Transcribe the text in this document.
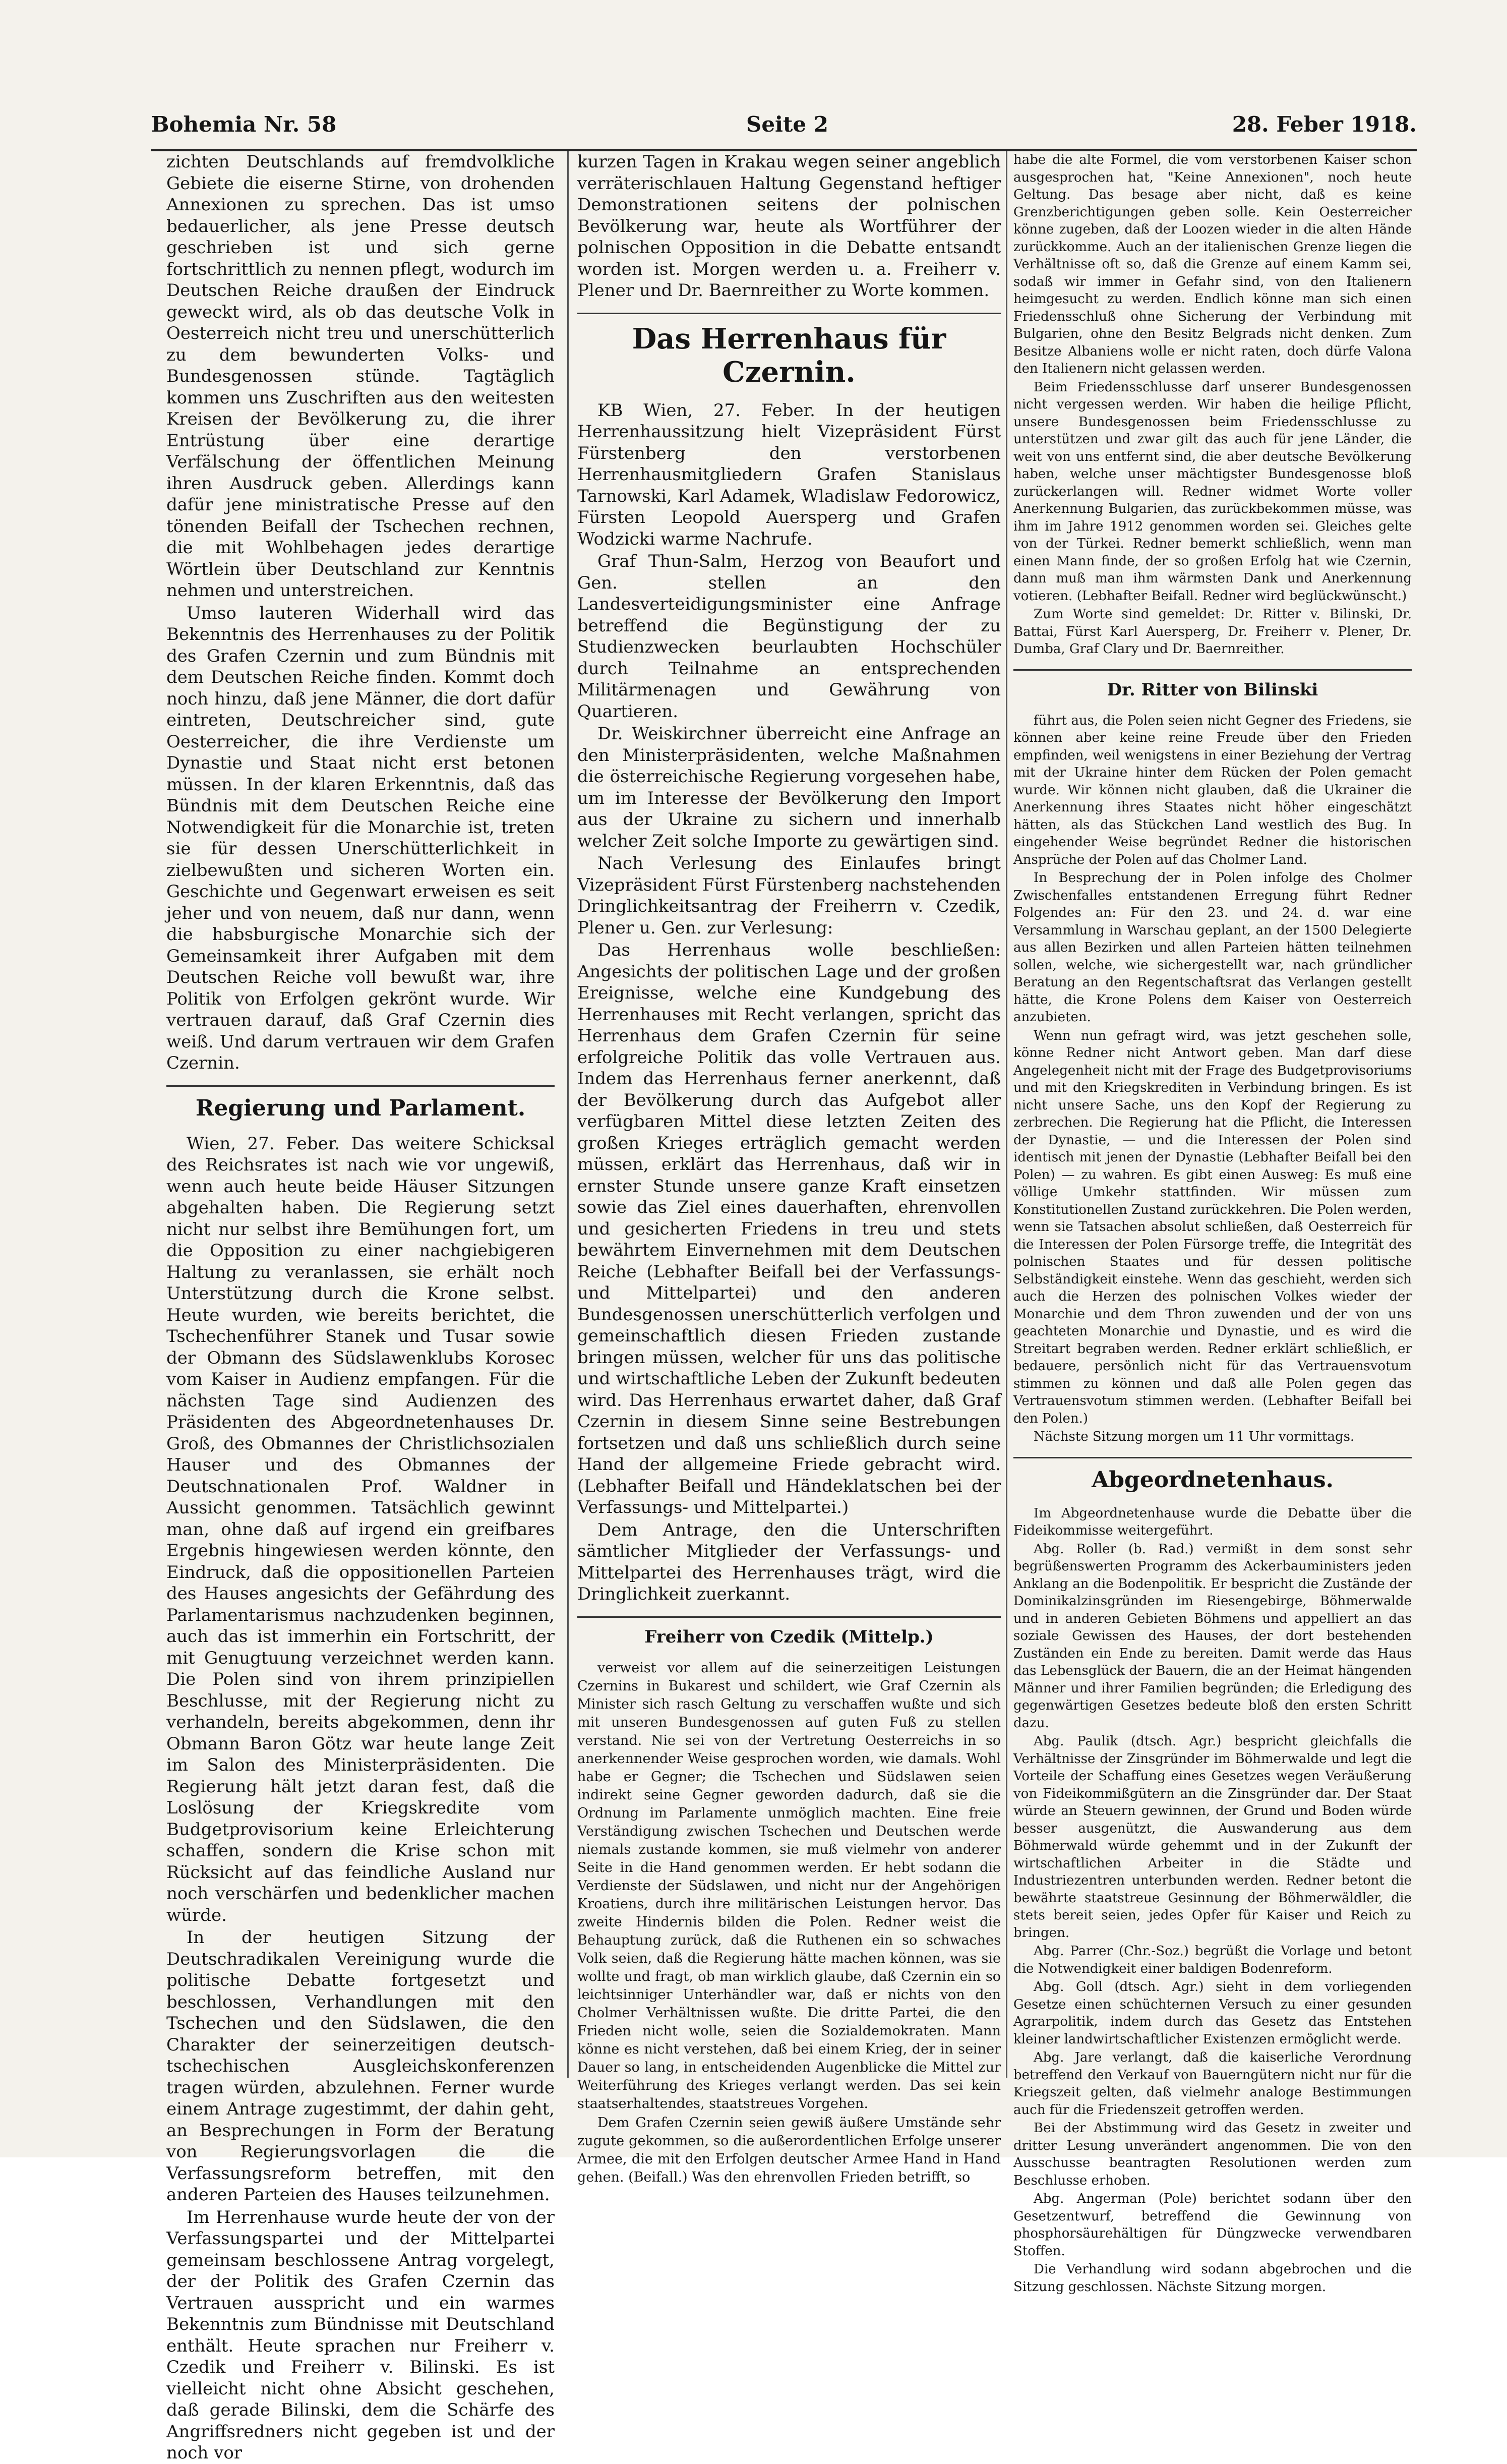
Bohemia Nr. 58	Seite 2	28. Feber 1918.

zichten Deutschlands auf fremdvolkliche Gebiete die eiserne Stirne, von drohenden Annexionen zu sprechen. Das ist umso bedauerlicher, als jene Presse deutsch geschrieben ist und sich gerne fortschrittlich zu nennen pflegt, wodurch im Deutschen Reiche draußen der Eindruck geweckt wird, als ob das deutsche Volk in Oesterreich nicht treu und unerschütterlich zu dem bewunderten Volks- und Bundesgenossen stünde. Tagtäglich kommen uns Zuschriften aus den weitesten Kreisen der Bevölkerung zu, die ihrer Entrüstung über eine derartige Verfälschung der öffentlichen Meinung ihren Ausdruck geben. Allerdings kann dafür jene ministratische Presse auf den tönenden Beifall der Tschechen rechnen, die mit Wohlbehagen jedes derartige Wörtlein über Deutschland zur Kenntnis nehmen und unterstreichen.

Umso lauteren Widerhall wird das Bekenntnis des Herrenhauses zu der Politik des Grafen Czernin und zum Bündnis mit dem Deutschen Reiche finden. Kommt doch noch hinzu, daß jene Männer, die dort dafür eintreten, Deutschreicher sind, gute Oesterreicher, die ihre Verdienste um Dynastie und Staat nicht erst betonen müssen. In der klaren Erkenntnis, daß das Bündnis mit dem Deutschen Reiche eine Notwendigkeit für die Monarchie ist, treten sie für dessen Unerschütterlichkeit in zielbewußten und sicheren Worten ein. Geschichte und Gegenwart erweisen es seit jeher und von neuem, daß nur dann, wenn die habsburgische Monarchie sich der Gemeinsamkeit ihrer Aufgaben mit dem Deutschen Reiche voll bewußt war, ihre Politik von Erfolgen gekrönt wurde. Wir vertrauen darauf, daß Graf Czernin dies weiß. Und darum vertrauen wir dem Grafen Czernin.

Regierung und Parlament.

Wien, 27. Feber. Das weitere Schicksal des Reichsrates ist nach wie vor ungewiß, wenn auch heute beide Häuser Sitzungen abgehalten haben. Die Regierung setzt nicht nur selbst ihre Bemühungen fort, um die Opposition zu einer nachgiebigeren Haltung zu veranlassen, sie erhält noch Unterstützung durch die Krone selbst. Heute wurden, wie bereits berichtet, die Tschechenführer Stanek und Tusar sowie der Obmann des Südslawenklubs Korosec vom Kaiser in Audienz empfangen. Für die nächsten Tage sind Audienzen des Präsidenten des Abgeordnetenhauses Dr. Groß, des Obmannes der Christlichsozialen Hauser und des Obmannes der Deutschnationalen Prof. Waldner in Aussicht genommen. Tatsächlich gewinnt man, ohne daß auf irgend ein greifbares Ergebnis hingewiesen werden könnte, den Eindruck, daß die oppositionellen Parteien des Hauses angesichts der Gefährdung des Parlamentarismus nachzudenken beginnen, auch das ist immerhin ein Fortschritt, der mit Genugtuung verzeichnet werden kann. Die Polen sind von ihrem prinzipiellen Beschlusse, mit der Regierung nicht zu verhandeln, bereits abgekommen, denn ihr Obmann Baron Götz war heute lange Zeit im Salon des Ministerpräsidenten. Die Regierung hält jetzt daran fest, daß die Loslösung der Kriegskredite vom Budgetprovisorium keine Erleichterung schaffen, sondern die Krise schon mit Rücksicht auf das feindliche Ausland nur noch verschärfen und bedenklicher machen würde.

In der heutigen Sitzung der Deutschradikalen Vereinigung wurde die politische Debatte fortgesetzt und beschlossen, Verhandlungen mit den Tschechen und den Südslawen, die den Charakter der seinerzeitigen deutsch-tschechischen Ausgleichskonferenzen tragen würden, abzulehnen. Ferner wurde einem Antrage zugestimmt, der dahin geht, an Besprechungen in Form der Beratung von Regierungsvorlagen die die Verfassungsreform betreffen, mit den anderen Parteien des Hauses teilzunehmen.

Im Herrenhause wurde heute der von der Verfassungspartei und der Mittelpartei gemeinsam beschlossene Antrag vorgelegt, der der Politik des Grafen Czernin das Vertrauen ausspricht und ein warmes Bekenntnis zum Bündnisse mit Deutschland enthält. Heute sprachen nur Freiherr v. Czedik und Freiherr v. Bilinski. Es ist vielleicht nicht ohne Absicht geschehen, daß gerade Bilinski, dem die Schärfe des Angriffsredners nicht gegeben ist und der noch vor

kurzen Tagen in Krakau wegen seiner angeblich verräterischlauen Haltung Gegenstand heftiger Demonstrationen seitens der polnischen Bevölkerung war, heute als Wortführer der polnischen Opposition in die Debatte entsandt worden ist. Morgen werden u. a. Freiherr v. Plener und Dr. Baernreither zu Worte kommen.

Das Herrenhaus für Czernin.

KB Wien, 27. Feber. In der heutigen Herrenhaussitzung hielt Vizepräsident Fürst Fürstenberg den verstorbenen Herrenhausmitgliedern Grafen Stanislaus Tarnowski, Karl Adamek, Wladislaw Fedorowicz, Fürsten Leopold Auersperg und Grafen Wodzicki warme Nachrufe.

Graf Thun-Salm, Herzog von Beaufort und Gen. stellen an den Landesverteidigungsminister eine Anfrage betreffend die Begünstigung der zu Studienzwecken beurlaubten Hochschüler durch Teilnahme an entsprechenden Militärmenagen und Gewährung von Quartieren.

Dr. Weiskirchner überreicht eine Anfrage an den Ministerpräsidenten, welche Maßnahmen die österreichische Regierung vorgesehen habe, um im Interesse der Bevölkerung den Import aus der Ukraine zu sichern und innerhalb welcher Zeit solche Importe zu gewärtigen sind.

Nach Verlesung des Einlaufes bringt Vizepräsident Fürst Fürstenberg nachstehenden Dringlichkeitsantrag der Freiherrn v. Czedik, Plener u. Gen. zur Verlesung:

Das Herrenhaus wolle beschließen: Angesichts der politischen Lage und der großen Ereignisse, welche eine Kundgebung des Herrenhauses mit Recht verlangen, spricht das Herrenhaus dem Grafen Czernin für seine erfolgreiche Politik das volle Vertrauen aus. Indem das Herrenhaus ferner anerkennt, daß der Bevölkerung durch das Aufgebot aller verfügbaren Mittel diese letzten Zeiten des großen Krieges erträglich gemacht werden müssen, erklärt das Herrenhaus, daß wir in ernster Stunde unsere ganze Kraft einsetzen sowie das Ziel eines dauerhaften, ehrenvollen und gesicherten Friedens in treu und stets bewährtem Einvernehmen mit dem Deutschen Reiche (Lebhafter Beifall bei der Verfassungs- und Mittelpartei) und den anderen Bundesgenossen unerschütterlich verfolgen und gemeinschaftlich diesen Frieden zustande bringen müssen, welcher für uns das politische und wirtschaftliche Leben der Zukunft bedeuten wird. Das Herrenhaus erwartet daher, daß Graf Czernin in diesem Sinne seine Bestrebungen fortsetzen und daß uns schließlich durch seine Hand der allgemeine Friede gebracht wird. (Lebhafter Beifall und Händeklatschen bei der Verfassungs- und Mittelpartei.)

Dem Antrage, den die Unterschriften sämtlicher Mitglieder der Verfassungs- und Mittelpartei des Herrenhauses trägt, wird die Dringlichkeit zuerkannt.

Freiherr von Czedik (Mittelp.)

verweist vor allem auf die seinerzeitigen Leistungen Czernins in Bukarest und schildert, wie Graf Czernin als Minister sich rasch Geltung zu verschaffen wußte und sich mit unseren Bundesgenossen auf guten Fuß zu stellen verstand. Nie sei von der Vertretung Oesterreichs in so anerkennender Weise gesprochen worden, wie damals. Wohl habe er Gegner; die Tschechen und Südslawen seien indirekt seine Gegner geworden dadurch, daß sie die Ordnung im Parlamente unmöglich machten. Eine freie Verständigung zwischen Tschechen und Deutschen werde niemals zustande kommen, sie muß vielmehr von anderer Seite in die Hand genommen werden. Er hebt sodann die Verdienste der Südslawen, und nicht nur der Angehörigen Kroatiens, durch ihre militärischen Leistungen hervor. Das zweite Hindernis bilden die Polen. Redner weist die Behauptung zurück, daß die Ruthenen ein so schwaches Volk seien, daß die Regierung hätte machen können, was sie wollte und fragt, ob man wirklich glaube, daß Czernin ein so leichtsinniger Unterhändler war, daß er nichts von den Cholmer Verhältnissen wußte. Die dritte Partei, die den Frieden nicht wolle, seien die Sozialdemokraten. Mann könne es nicht verstehen, daß bei einem Krieg, der in seiner Dauer so lang, in entscheidenden Augenblicke die Mittel zur Weiterführung des Krieges verlangt werden. Das sei kein staatserhaltendes, staatstreues Vorgehen.

Dem Grafen Czernin seien gewiß äußere Umstände sehr zugute gekommen, so die außerordentlichen Erfolge unserer Armee, die mit den Erfolgen deutscher Armee Hand in Hand gehen. (Beifall.) Was den ehrenvollen Frieden betrifft, so

habe die alte Formel, die vom verstorbenen Kaiser schon ausgesprochen hat, "Keine Annexionen", noch heute Geltung. Das besage aber nicht, daß es keine Grenzberichtigungen geben solle. Kein Oesterreicher könne zugeben, daß der Loozen wieder in die alten Hände zurückkomme. Auch an der italienischen Grenze liegen die Verhältnisse oft so, daß die Grenze auf einem Kamm sei, sodaß wir immer in Gefahr sind, von den Italienern heimgesucht zu werden. Endlich könne man sich einen Friedensschluß ohne Sicherung der Verbindung mit Bulgarien, ohne den Besitz Belgrads nicht denken. Zum Besitze Albaniens wolle er nicht raten, doch dürfe Valona den Italienern nicht gelassen werden.

Beim Friedensschlusse darf unserer Bundesgenossen nicht vergessen werden. Wir haben die heilige Pflicht, unsere Bundesgenossen beim Friedensschlusse zu unterstützen und zwar gilt das auch für jene Länder, die weit von uns entfernt sind, die aber deutsche Bevölkerung haben, welche unser mächtigster Bundesgenosse bloß zurückerlangen will. Redner widmet Worte voller Anerkennung Bulgarien, das zurückbekommen müsse, was ihm im Jahre 1912 genommen worden sei. Gleiches gelte von der Türkei. Redner bemerkt schließlich, wenn man einen Mann finde, der so großen Erfolg hat wie Czernin, dann muß man ihm wärmsten Dank und Anerkennung votieren. (Lebhafter Beifall. Redner wird beglückwünscht.)

Zum Worte sind gemeldet: Dr. Ritter v. Bilinski, Dr. Battai, Fürst Karl Auersperg, Dr. Freiherr v. Plener, Dr. Dumba, Graf Clary und Dr. Baernreither.

Dr. Ritter von Bilinski

führt aus, die Polen seien nicht Gegner des Friedens, sie können aber keine reine Freude über den Frieden empfinden, weil wenigstens in einer Beziehung der Vertrag mit der Ukraine hinter dem Rücken der Polen gemacht wurde. Wir können nicht glauben, daß die Ukrainer die Anerkennung ihres Staates nicht höher eingeschätzt hätten, als das Stückchen Land westlich des Bug. In eingehender Weise begründet Redner die historischen Ansprüche der Polen auf das Cholmer Land.

In Besprechung der in Polen infolge des Cholmer Zwischenfalles entstandenen Erregung führt Redner Folgendes an: Für den 23. und 24. d. war eine Versammlung in Warschau geplant, an der 1500 Delegierte aus allen Bezirken und allen Parteien hätten teilnehmen sollen, welche, wie sichergestellt war, nach gründlicher Beratung an den Regentschaftsrat das Verlangen gestellt hätte, die Krone Polens dem Kaiser von Oesterreich anzubieten.

Wenn nun gefragt wird, was jetzt geschehen solle, könne Redner nicht Antwort geben. Man darf diese Angelegenheit nicht mit der Frage des Budgetprovisoriums und mit den Kriegskrediten in Verbindung bringen. Es ist nicht unsere Sache, uns den Kopf der Regierung zu zerbrechen. Die Regierung hat die Pflicht, die Interessen der Dynastie, — und die Interessen der Polen sind identisch mit jenen der Dynastie (Lebhafter Beifall bei den Polen) — zu wahren. Es gibt einen Ausweg: Es muß eine völlige Umkehr stattfinden. Wir müssen zum Konstitutionellen Zustand zurückkehren. Die Polen werden, wenn sie Tatsachen absolut schließen, daß Oesterreich für die Interessen der Polen Fürsorge treffe, die Integrität des polnischen Staates und für dessen politische Selbständigkeit einstehe. Wenn das geschieht, werden sich auch die Herzen des polnischen Volkes wieder der Monarchie und dem Thron zuwenden und der von uns geachteten Monarchie und Dynastie, und es wird die Streitart begraben werden. Redner erklärt schließlich, er bedauere, persönlich nicht für das Vertrauensvotum stimmen zu können und daß alle Polen gegen das Vertrauensvotum stimmen werden. (Lebhafter Beifall bei den Polen.)

Nächste Sitzung morgen um 11 Uhr vormittags.

Abgeordnetenhaus.

Im Abgeordnetenhause wurde die Debatte über die Fideikommisse weitergeführt.

Abg. Roller (b. Rad.) vermißt in dem sonst sehr begrüßenswerten Programm des Ackerbauministers jeden Anklang an die Bodenpolitik. Er bespricht die Zustände der Dominikalzinsgründen im Riesengebirge, Böhmerwalde und in anderen Gebieten Böhmens und appelliert an das soziale Gewissen des Hauses, der dort bestehenden Zuständen ein Ende zu bereiten. Damit werde das Haus das Lebensglück der Bauern, die an der Heimat hängenden Männer und ihrer Familien begründen; die Erledigung des gegenwärtigen Gesetzes bedeute bloß den ersten Schritt dazu.

Abg. Paulik (dtsch. Agr.) bespricht gleichfalls die Verhältnisse der Zinsgründer im Böhmerwalde und legt die Vorteile der Schaffung eines Gesetzes wegen Veräußerung von Fideikommißgütern an die Zinsgründer dar. Der Staat würde an Steuern gewinnen, der Grund und Boden würde besser ausgenützt, die Auswanderung aus dem Böhmerwald würde gehemmt und in der Zukunft der wirtschaftlichen Arbeiter in die Städte und Industriezentren unterbunden werden. Redner betont die bewährte staatstreue Gesinnung der Böhmerwäldler, die stets bereit seien, jedes Opfer für Kaiser und Reich zu bringen.

Abg. Parrer (Chr.-Soz.) begrüßt die Vorlage und betont die Notwendigkeit einer baldigen Bodenreform.

Abg. Goll (dtsch. Agr.) sieht in dem vorliegenden Gesetze einen schüchternen Versuch zu einer gesunden Agrarpolitik, indem durch das Gesetz das Entstehen kleiner landwirtschaftlicher Existenzen ermöglicht werde.

Abg. Jare verlangt, daß die kaiserliche Verordnung betreffend den Verkauf von Bauerngütern nicht nur für die Kriegszeit gelten, daß vielmehr analoge Bestimmungen auch für die Friedenszeit getroffen werden.

Bei der Abstimmung wird das Gesetz in zweiter und dritter Lesung unverändert angenommen. Die von den Ausschusse beantragten Resolutionen werden zum Beschlusse erhoben.

Abg. Angerman (Pole) berichtet sodann über den Gesetzentwurf, betreffend die Gewinnung von phosphorsäurehältigen für Düngzwecke verwendbaren Stoffen.

Die Verhandlung wird sodann abgebrochen und die Sitzung geschlossen. Nächste Sitzung morgen.
